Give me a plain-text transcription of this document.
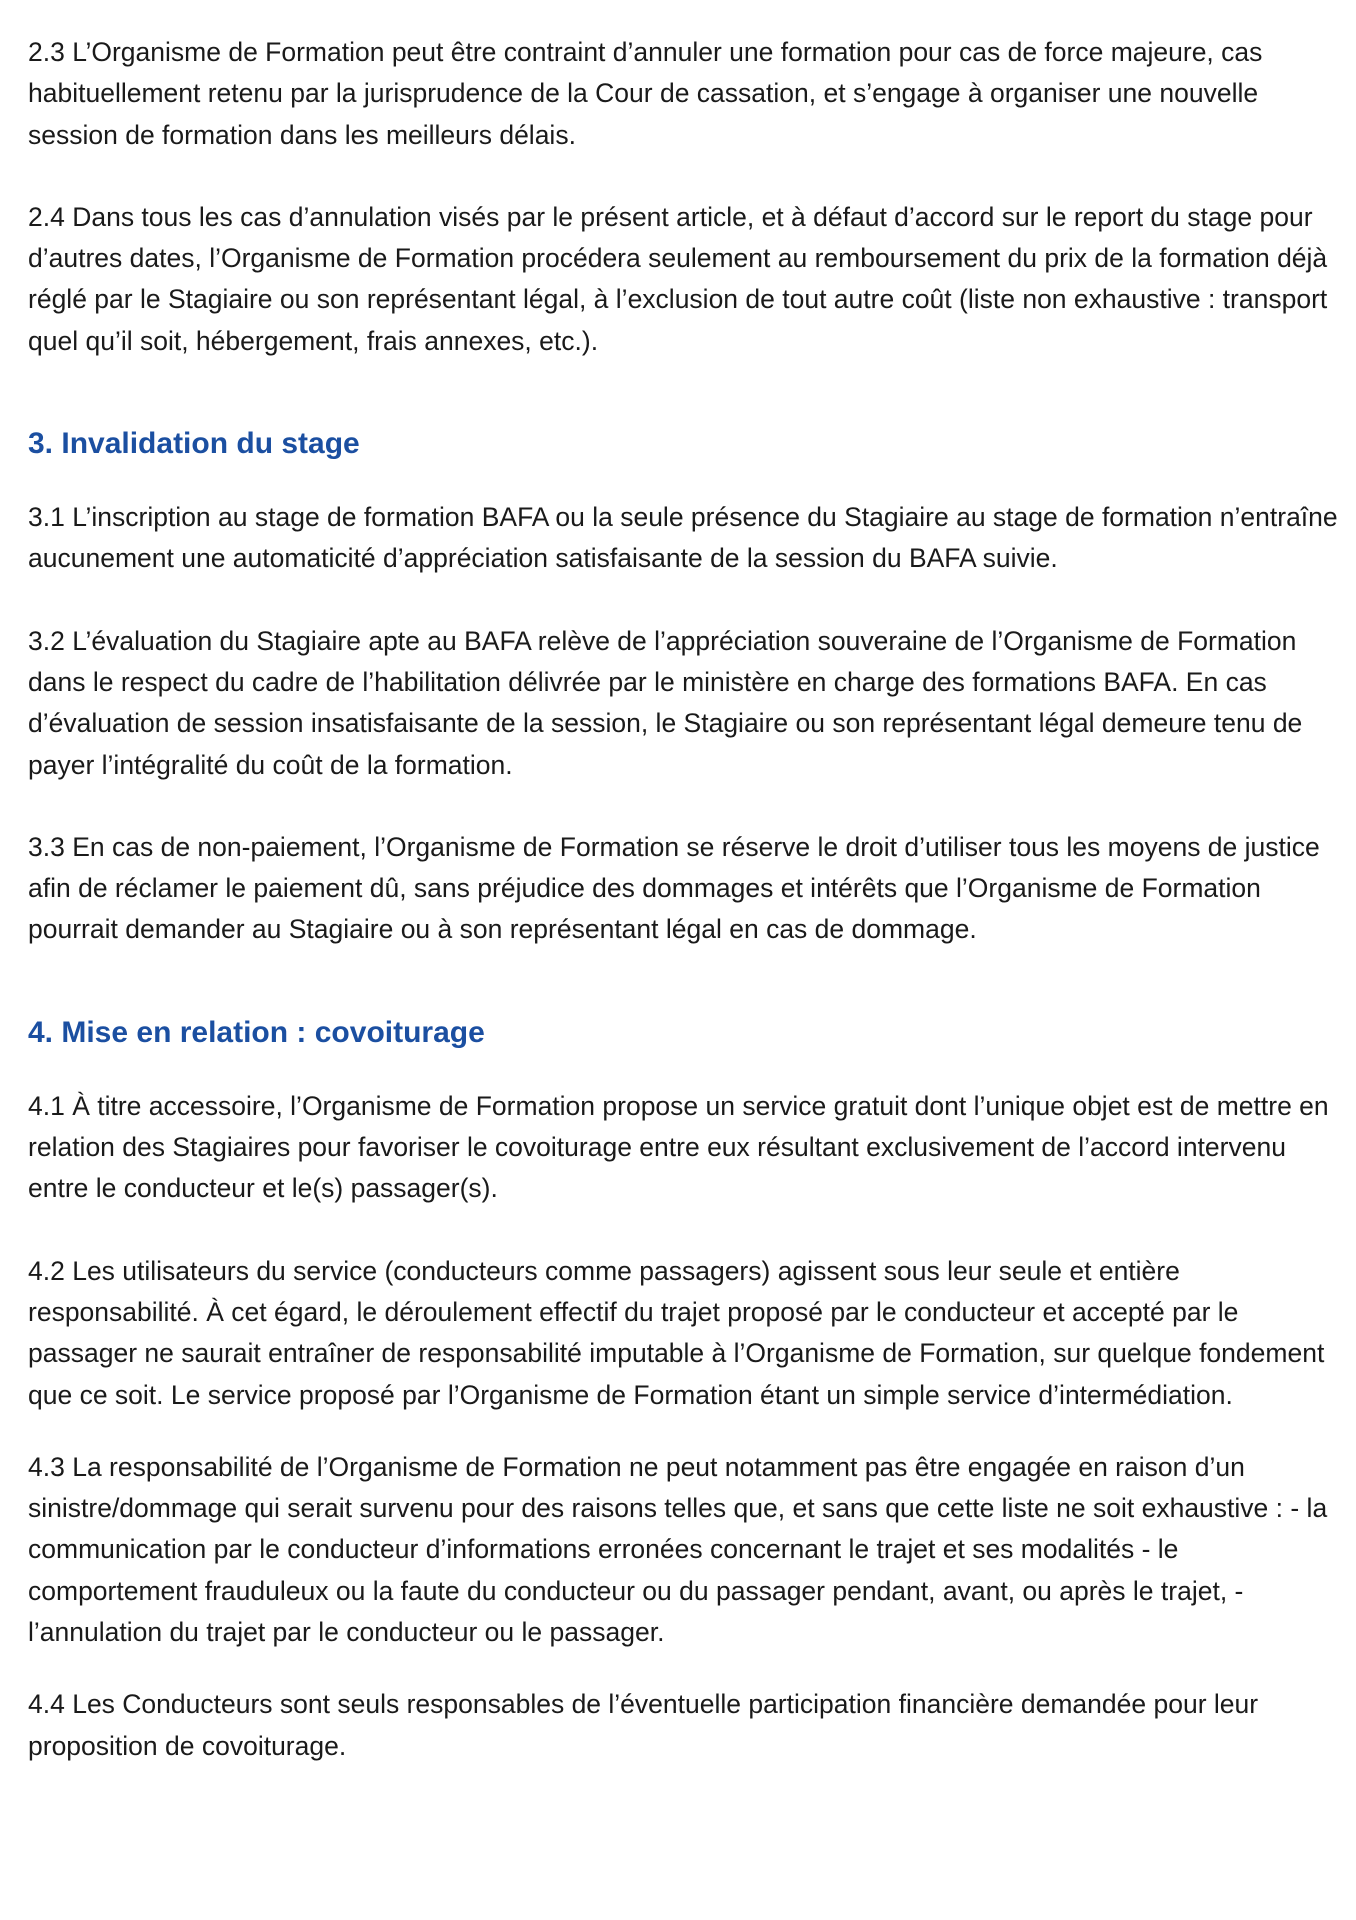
2.3 L’Organisme de Formation peut être contraint d’annuler une formation pour cas de force majeure, cas habituellement retenu par la jurisprudence de la Cour de cassation, et s’engage à organiser une nouvelle session de formation dans les meilleurs délais.

2.4 Dans tous les cas d’annulation visés par le présent article, et à défaut d’accord sur le report du stage pour d’autres dates, l’Organisme de Formation procédera seulement au remboursement du prix de la formation déjà réglé par le Stagiaire ou son représentant légal, à l’exclusion de tout autre coût (liste non exhaustive : transport quel qu’il soit, hébergement, frais annexes, etc.).

3. Invalidation du stage

3.1 L’inscription au stage de formation BAFA ou la seule présence du Stagiaire au stage de formation n’entraîne aucunement une automaticité d’appréciation satisfaisante de la session du BAFA suivie.

3.2 L’évaluation du Stagiaire apte au BAFA relève de l’appréciation souveraine de l’Organisme de Formation dans le respect du cadre de l’habilitation délivrée par le ministère en charge des formations BAFA. En cas d’évaluation de session insatisfaisante de la session, le Stagiaire ou son représentant légal demeure tenu de payer l’intégralité du coût de la formation.

3.3 En cas de non-paiement, l’Organisme de Formation se réserve le droit d’utiliser tous les moyens de justice afin de réclamer le paiement dû, sans préjudice des dommages et intérêts que l’Organisme de Formation pourrait demander au Stagiaire ou à son représentant légal en cas de dommage.

4. Mise en relation : covoiturage

4.1 À titre accessoire, l’Organisme de Formation propose un service gratuit dont l’unique objet est de mettre en relation des Stagiaires pour favoriser le covoiturage entre eux résultant exclusivement de l’accord intervenu entre le conducteur et le(s) passager(s).

4.2 Les utilisateurs du service (conducteurs comme passagers) agissent sous leur seule et entière responsabilité. À cet égard, le déroulement effectif du trajet proposé par le conducteur et accepté par le passager ne saurait entraîner de responsabilité imputable à l’Organisme de Formation, sur quelque fondement que ce soit. Le service proposé par l’Organisme de Formation étant un simple service d’intermédiation.

4.3 La responsabilité de l’Organisme de Formation ne peut notamment pas être engagée en raison d’un sinistre/dommage qui serait survenu pour des raisons telles que, et sans que cette liste ne soit exhaustive : - la communication par le conducteur d’informations erronées concernant le trajet et ses modalités - le comportement frauduleux ou la faute du conducteur ou du passager pendant, avant, ou après le trajet, - l’annulation du trajet par le conducteur ou le passager.

4.4 Les Conducteurs sont seuls responsables de l’éventuelle participation financière demandée pour leur proposition de covoiturage.
